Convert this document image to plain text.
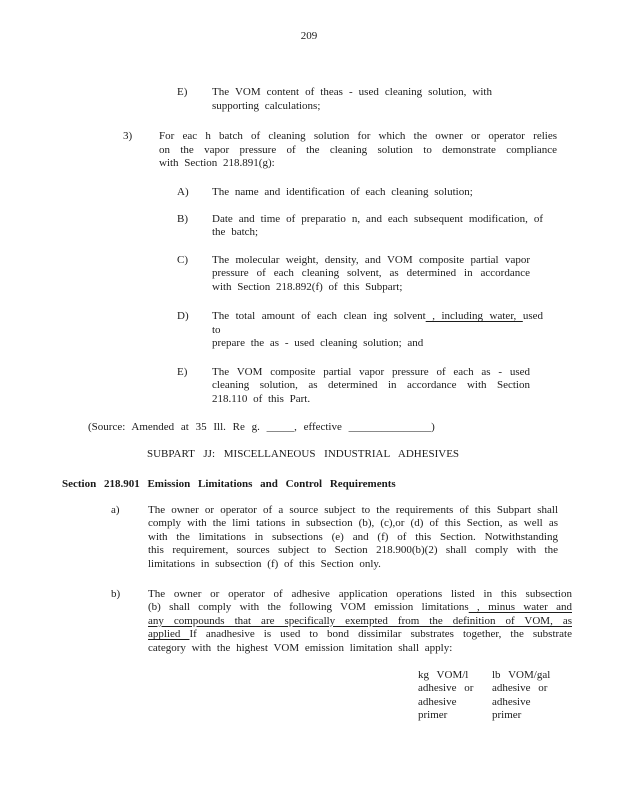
209
E) The VOM content of theas - used cleaning solution, with
supporting calculations;
3) For eac h batch of cleaning solution for which the owner or operator relies
on the vapor pressure of the cleaning solution to demonstrate compliance
with Section 218.891(g):
A) The name and identification of each cleaning solution;
B) Date and time of preparatio n, and each subsequent modification, of
the batch;
C) The molecular weight, density, and VOM composite partial vapor
pressure of each cleaning solvent, as determined in accordance
with Section 218.892(f) of this Subpart;
D) The total amount of each clean ing solvent , including water, used to
prepare the as - used cleaning solution; and
E) The VOM composite partial vapor pressure of each as - used
cleaning solution, as determined in accordance with Section
218.110 of this Part.
(Source: Amended at 35 Ill. Re g. _____, effective _______________)
SUBPART JJ: MISCELLANEOUS INDUSTRIAL ADHESIVES
Section 218.901 Emission Limitations and Control Requirements
a)	The owner or operator of a source subject to the requirements of this Subpart shall
comply with the limi tations in subsection (b), (c),or (d) of this Section, as well as
with the limitations in subsections (e) and (f) of this Section. Notwithstanding
this requirement, sources subject to Section 218.900(b)(2) shall comply with the
limitations in subsection (f) of this Section only.
b)	The owner or operator of adhesive application operations listed in this subsection
(b) shall comply with the following VOM emission limitations , minus water and
any compounds that are specifically exempted from the definition of VOM, as
applied If anadhesive is used to bond dissimilar substrates together, the substrate
category with the highest VOM emission limitation shall apply:
kg VOM/l
adhesive or
adhesive
primer
lb VOM/gal
adhesive or
adhesive
primer
